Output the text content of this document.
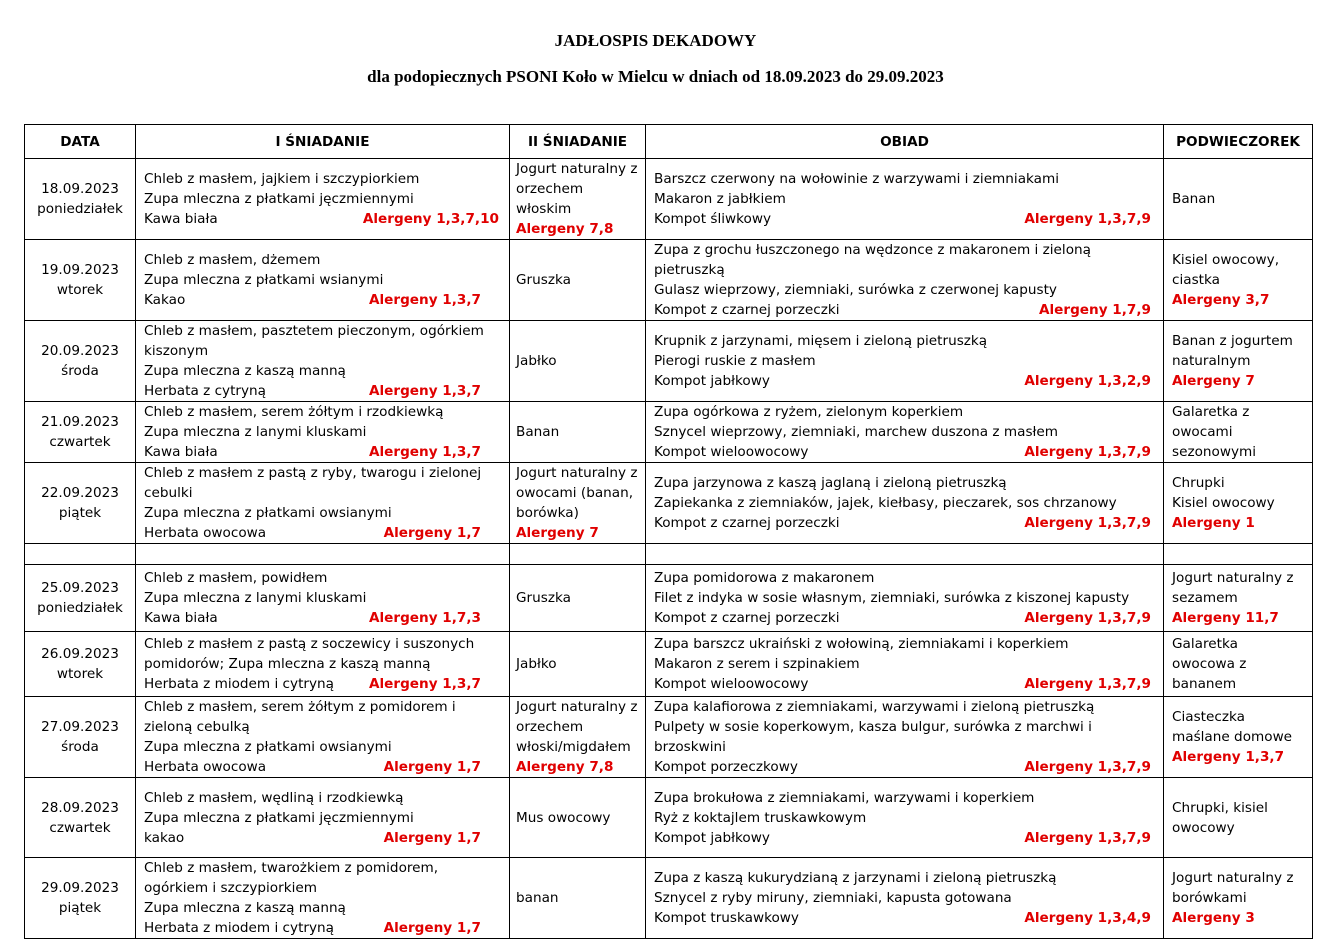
JADŁOSPIS DEKADOWY
dla podopiecznych PSONI Koło w Mielcu w dniach od 18.09.2023 do 29.09.2023
DATA	I ŚNIADANIE	II ŚNIADANIE	OBIAD	PODWIECZOREK

18.09.2023
poniedziałek	Chleb z masłem, jajkiem i szczypiorkiem
Zupa mleczna z płatkami jęczmiennymi
Kawa biała Alergeny 1,3,7,10	Jogurt naturalny z orzechem włoskim
Alergeny 7,8	Barszcz czerwony na wołowinie z warzywami i ziemniakami
Makaron z jabłkiem
Kompot śliwkowy Alergeny 1,3,7,9	Banan

19.09.2023
wtorek	Chleb z masłem, dżemem
Zupa mleczna z płatkami wsianymi
Kakao Alergeny 1,3,7	Gruszka	Zupa z grochu łuszczonego na wędzonce z makaronem i zieloną pietruszką
Gulasz wieprzowy, ziemniaki, surówka z czerwonej kapusty
Kompot z czarnej porzeczki Alergeny 1,7,9	Kisiel owocowy, ciastka
Alergeny 3,7

20.09.2023
środa	Chleb z masłem, pasztetem pieczonym, ogórkiem kiszonym
Zupa mleczna z kaszą manną
Herbata z cytryną Alergeny 1,3,7	Jabłko	Krupnik z jarzynami, mięsem i zieloną pietruszką
Pierogi ruskie z masłem
Kompot jabłkowy Alergeny 1,3,2,9	Banan z jogurtem naturalnym
Alergeny 7

21.09.2023
czwartek	Chleb z masłem, serem żółtym i rzodkiewką
Zupa mleczna z lanymi kluskami
Kawa biała Alergeny 1,3,7	Banan	Zupa ogórkowa z ryżem, zielonym koperkiem
Sznycel wieprzowy, ziemniaki, marchew duszona z masłem
Kompot wieloowocowy Alergeny 1,3,7,9	Galaretka z owocami sezonowymi

22.09.2023
piątek	Chleb z masłem z pastą z ryby, twarogu i zielonej cebulki
Zupa mleczna z płatkami owsianymi
Herbata owocowa Alergeny 1,7	Jogurt naturalny z owocami (banan, borówka)
Alergeny 7	Zupa jarzynowa z kaszą jaglaną i zieloną pietruszką
Zapiekanka z ziemniaków, jajek, kiełbasy, pieczarek, sos chrzanowy
Kompot z czarnej porzeczki Alergeny 1,3,7,9	Chrupki
Kisiel owocowy
Alergeny 1

25.09.2023
poniedziałek	Chleb z masłem, powidłem
Zupa mleczna z lanymi kluskami
Kawa biała Alergeny 1,7,3	Gruszka	Zupa pomidorowa z makaronem
Filet z indyka w sosie własnym, ziemniaki, surówka z kiszonej kapusty
Kompot z czarnej porzeczki Alergeny 1,3,7,9	Jogurt naturalny z sezamem
Alergeny 11,7

26.09.2023
wtorek	Chleb z masłem z pastą z soczewicy i suszonych pomidorów; Zupa mleczna z kaszą manną
Herbata z miodem i cytryną Alergeny 1,3,7	Jabłko	Zupa barszcz ukraiński z wołowiną, ziemniakami i koperkiem
Makaron z serem i szpinakiem
Kompot wieloowocowy Alergeny 1,3,7,9	Galaretka owocowa z bananem

27.09.2023
środa	Chleb z masłem, serem żółtym z pomidorem i zieloną cebulką
Zupa mleczna z płatkami owsianymi
Herbata owocowa Alergeny 1,7	Jogurt naturalny z orzechem włoski/migdałem
Alergeny 7,8	Zupa kalafiorowa z ziemniakami, warzywami i zieloną pietruszką
Pulpety w sosie koperkowym, kasza bulgur, surówka z marchwi i brzoskwini
Kompot porzeczkowy Alergeny 1,3,7,9	Ciasteczka maślane domowe
Alergeny 1,3,7

28.09.2023
czwartek	Chleb z masłem, wędliną i rzodkiewką
Zupa mleczna z płatkami jęczmiennymi
kakao Alergeny 1,7	Mus owocowy	Zupa brokułowa z ziemniakami, warzywami i koperkiem
Ryż z koktajlem truskawkowym
Kompot jabłkowy Alergeny 1,3,7,9	Chrupki, kisiel owocowy

29.09.2023
piątek	Chleb z masłem, twarożkiem z pomidorem, ogórkiem i szczypiorkiem
Zupa mleczna z kaszą manną
Herbata z miodem i cytryną Alergeny 1,7	banan	Zupa z kaszą kukurydzianą z jarzynami i zieloną pietruszką
Sznycel z ryby miruny, ziemniaki, kapusta gotowana
Kompot truskawkowy Alergeny 1,3,4,9	Jogurt naturalny z borówkami
Alergeny 3
